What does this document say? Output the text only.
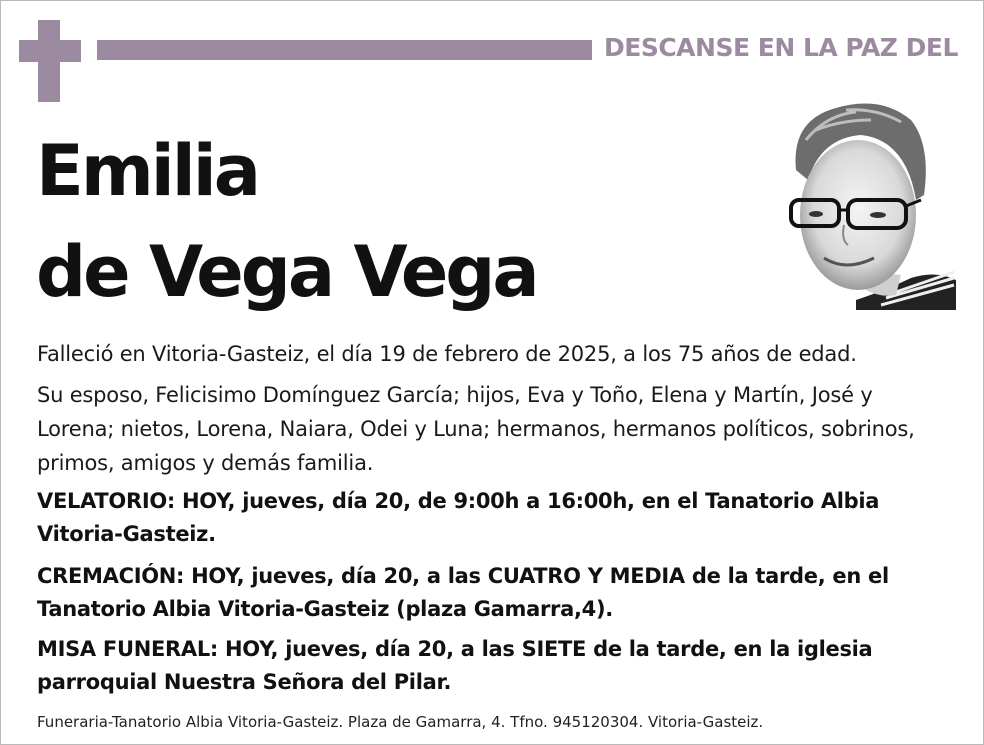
DESCANSE EN LA PAZ DEL
Emilia
de Vega Vega
Falleció en Vitoria-Gasteiz, el día 19 de febrero de 2025, a los 75 años de edad.
Su esposo, Felicisimo Domínguez García; hijos, Eva y Toño, Elena y Martín, José y Lorena; nietos, Lorena, Naiara, Odei y Luna; hermanos, hermanos políticos, sobrinos, primos, amigos y demás familia.
VELATORIO: HOY, jueves, día 20, de 9:00h a 16:00h, en el Tanatorio Albia Vitoria-Gasteiz.
CREMACIÓN: HOY, jueves, día 20, a las CUATRO Y MEDIA de la tarde, en el Tanatorio Albia Vitoria-Gasteiz (plaza Gamarra,4).
MISA FUNERAL: HOY, jueves, día 20, a las SIETE de la tarde, en la iglesia parroquial Nuestra Señora del Pilar.
Funeraria-Tanatorio Albia Vitoria-Gasteiz. Plaza de Gamarra, 4. Tfno. 945120304. Vitoria-Gasteiz.
